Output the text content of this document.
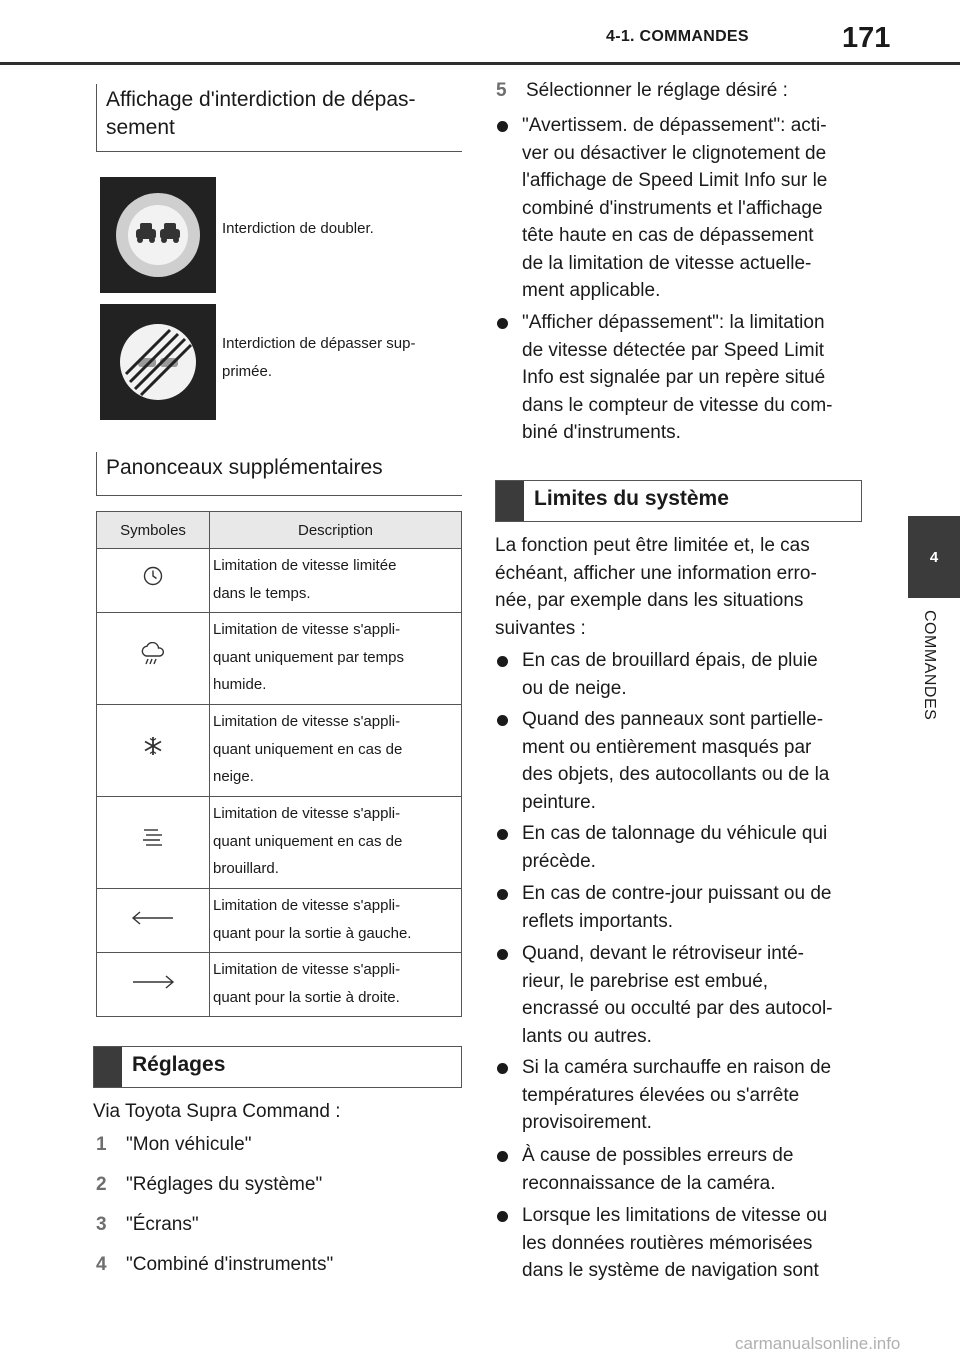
4-1. COMMANDES	171
4
COMMANDES
Affichage d'interdiction de dépas-
sement
Interdiction de doubler.
Interdiction de dépasser sup-
primée.
Panonceaux supplémentaires
Symboles	Description
	Limitation de vitesse limitée
dans le temps.
	Limitation de vitesse s'appli-
quant uniquement par temps
humide.
	Limitation de vitesse s'appli-
quant uniquement en cas de
neige.
	Limitation de vitesse s'appli-
quant uniquement en cas de
brouillard.
	Limitation de vitesse s'appli-
quant pour la sortie à gauche.
	Limitation de vitesse s'appli-
quant pour la sortie à droite.
Réglages
Via Toyota Supra Command :
1 "Mon véhicule"
2 "Réglages du système"
3 "Écrans"
4 "Combiné d'instruments"
5 Sélectionner le réglage désiré :
"Avertissem. de dépassement": acti-
ver ou désactiver le clignotement de
l'affichage de Speed Limit Info sur le
combiné d'instruments et l'affichage
tête haute en cas de dépassement
de la limitation de vitesse actuelle-
ment applicable.
"Afficher dépassement": la limitation
de vitesse détectée par Speed Limit
Info est signalée par un repère situé
dans le compteur de vitesse du com-
biné d'instruments.
Limites du système
La fonction peut être limitée et, le cas
échéant, afficher une information erro-
née, par exemple dans les situations
suivantes :
En cas de brouillard épais, de pluie
ou de neige.
Quand des panneaux sont partielle-
ment ou entièrement masqués par
des objets, des autocollants ou de la
peinture.
En cas de talonnage du véhicule qui
précède.
En cas de contre-jour puissant ou de
reflets importants.
Quand, devant le rétroviseur inté-
rieur, le parebrise est embué,
encrassé ou occulté par des autocol-
lants ou autres.
Si la caméra surchauffe en raison de
températures élevées ou s'arrête
provisoirement.
À cause de possibles erreurs de
reconnaissance de la caméra.
Lorsque les limitations de vitesse ou
les données routières mémorisées
dans le système de navigation sont
carmanualsonline.info
